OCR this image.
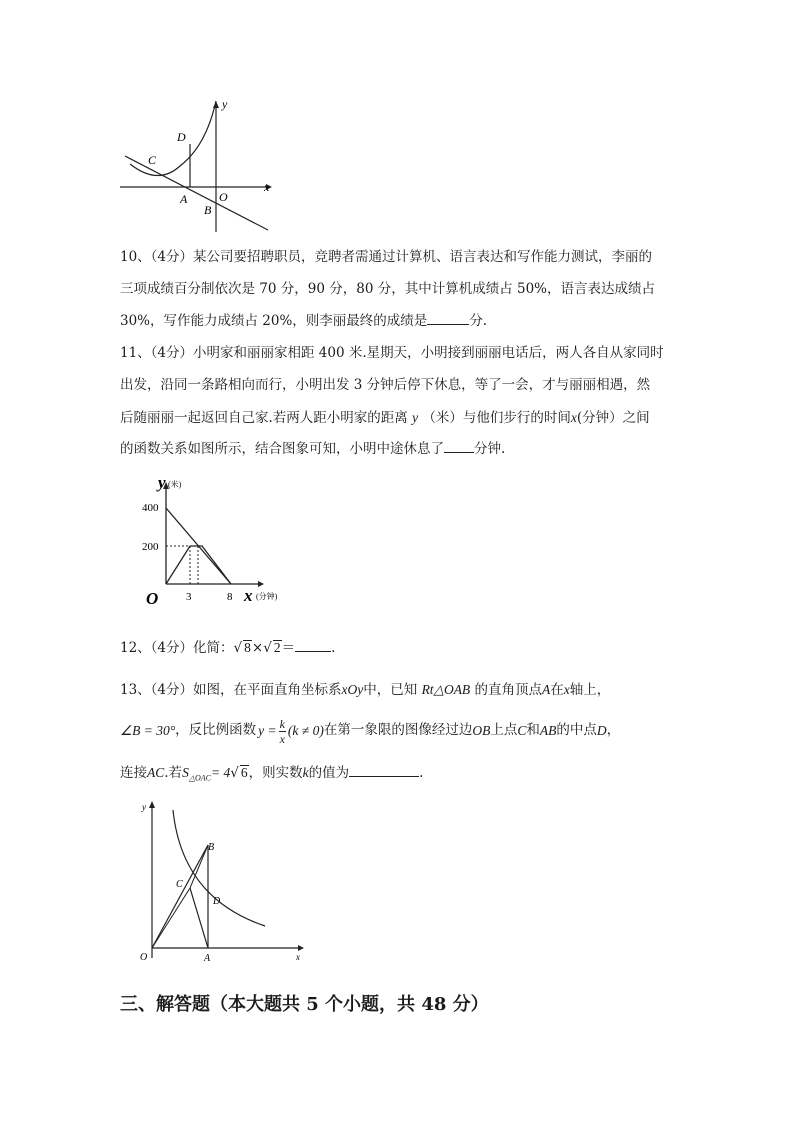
y
x
D
C
A	O
B
10、（4分）某公司要招聘职员，竞聘者需通过计算机、语言表达和写作能力测试，李丽的
三项成绩百分制依次是 70 分，90 分，80 分，其中计算机成绩占 50%，语言表达成绩占
30%，写作能力成绩占 20%，则李丽最终的成绩是	分.
11、（4分）小明家和丽丽家相距 400 米.星期天，小明接到丽丽电话后，两人各自从家同时
出发，沿同一条路相向而行，小明出发 3 分钟后停下休息，等了一会，才与丽丽相遇，然
后随丽丽一起返回自己家.若两人距小明家的距离 y （米）与他们步行的时间x(分钟）之间
的函数关系如图所示，结合图象可知，小明中途休息了 分钟.
y (米)
400
200
O	3	8 x (分钟)
12、（4分）化简：√ 8×√ 2＝	.
13、（4分）如图，在平面直角坐标系xOy中，已知 Rt△OAB 的直角顶点A在x轴上，
∠B = 30° ，反比例函数 $y = \frac{k}{x} (k \ne 0)$ 在第一象限的图像经过边 OB 上点 C 和 AB 的中点 D ，
连接AC.若$S_{\triangle OAC}= 4√$ 6，则实数k的值为	.
y
x
O	A
B
C
D
三、解答题（本大题共 5 个小题，共 48 分）
